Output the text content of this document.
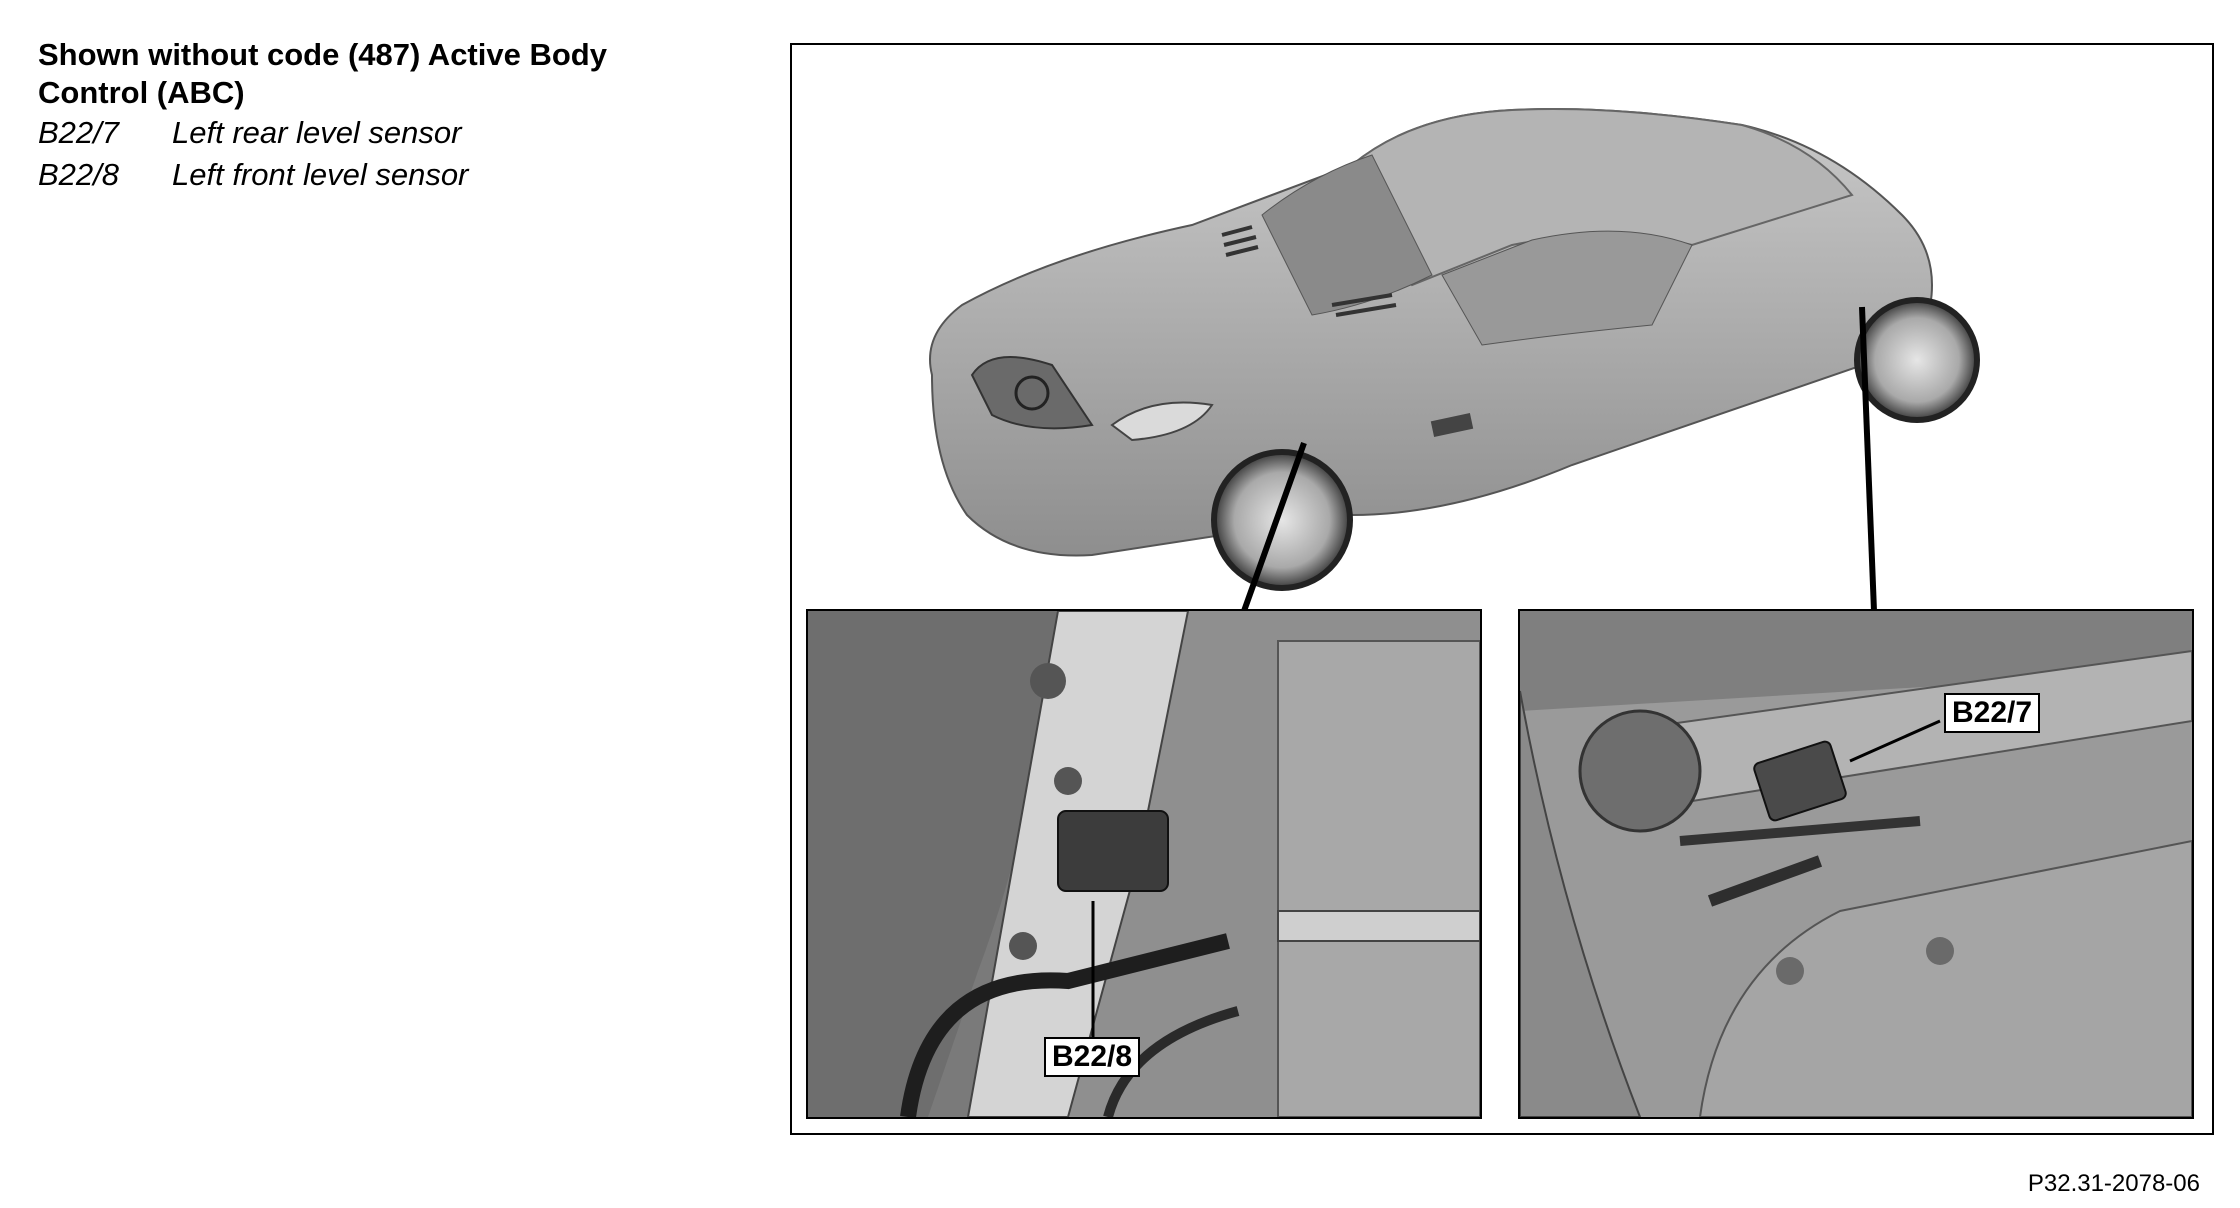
Shown without code (487) Active Body Control (ABC)

B22/7	Left rear level sensor
B22/8	Left front level sensor
B22/8
B22/7
P32.31-2078-06
